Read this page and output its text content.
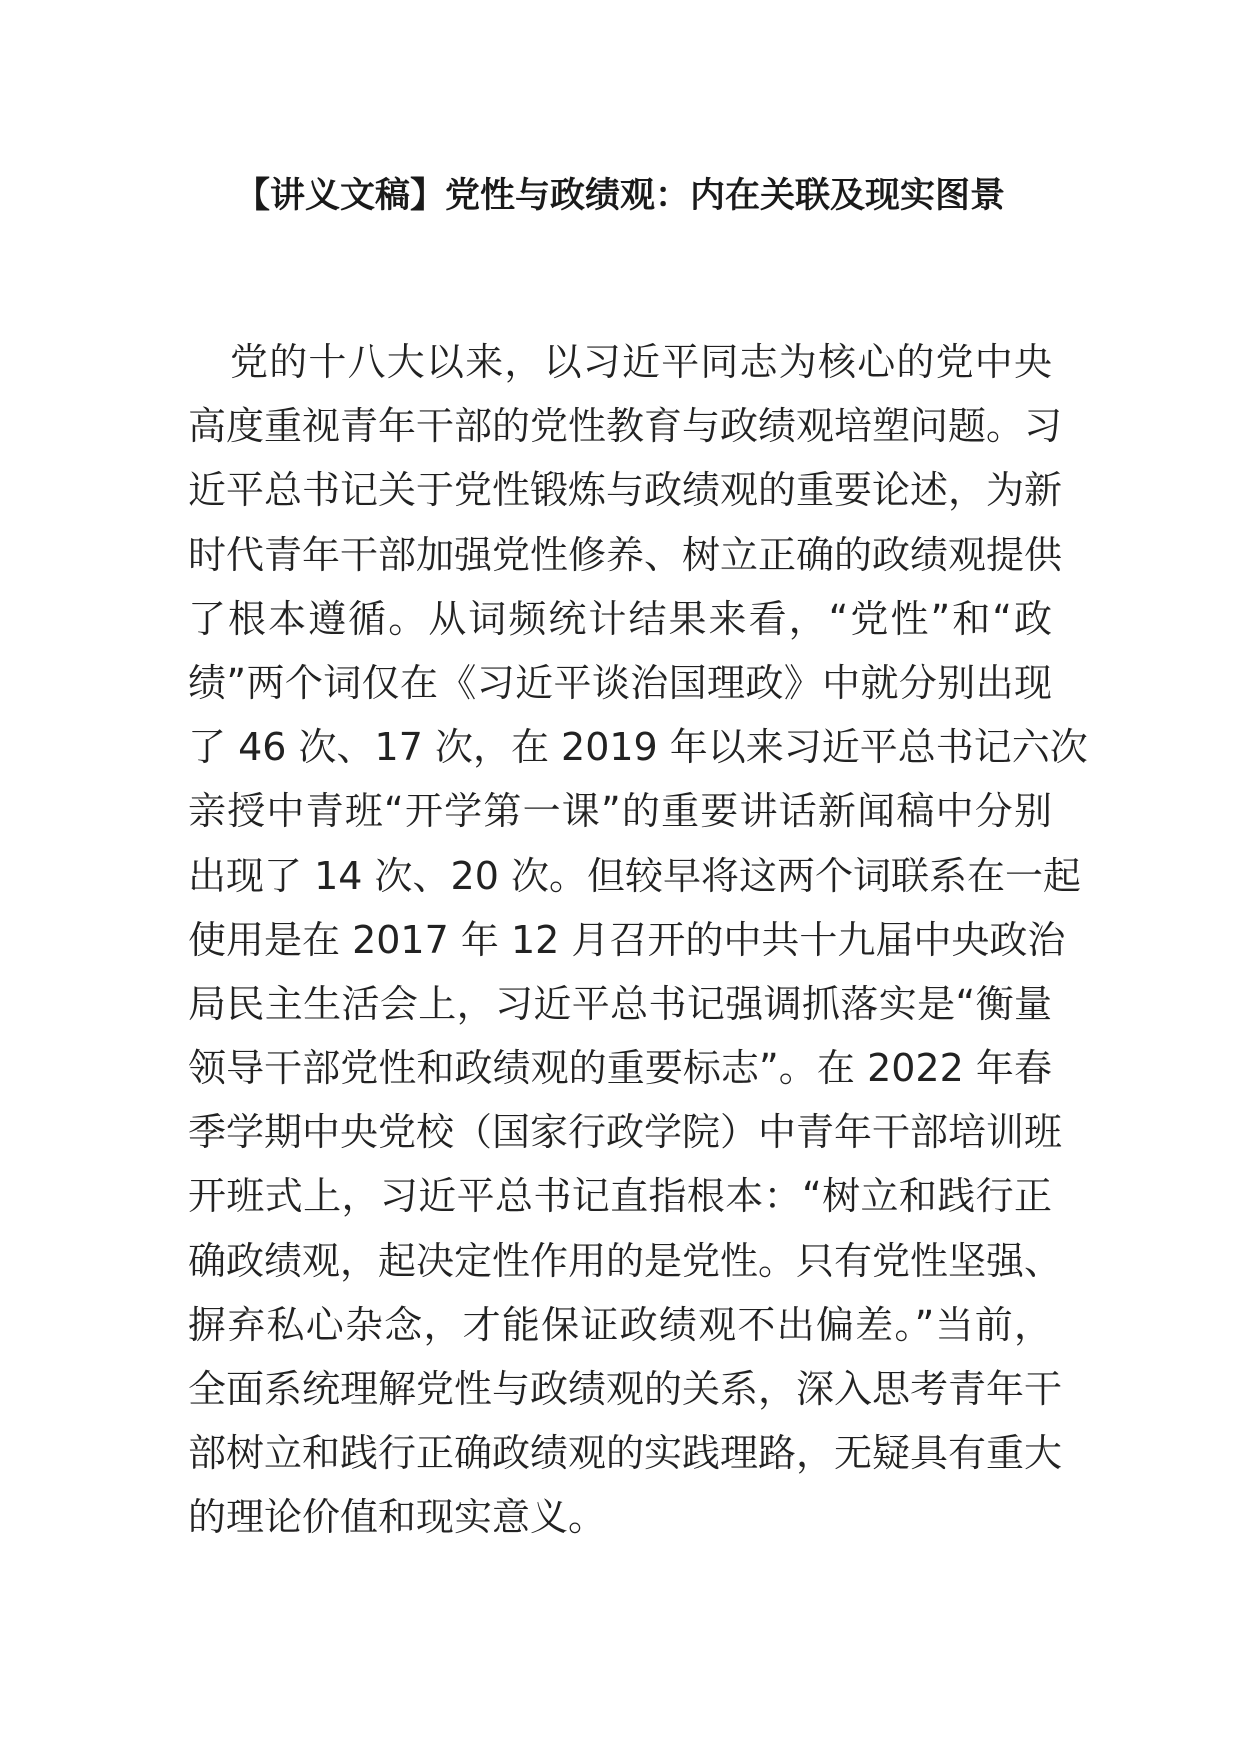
【讲义文稿】党性与政绩观：内在关联及现实图景
党的十八大以来，以习近平同志为核心的党中央
高度重视青年干部的党性教育与政绩观培塑问题。习
近平总书记关于党性锻炼与政绩观的重要论述，为新
时代青年干部加强党性修养、树立正确的政绩观提供
了根本遵循。从词频统计结果来看，“党性”和“政
绩”两个词仅在《习近平谈治国理政》中就分别出现
了 46 次、17 次，在 2019 年以来习近平总书记六次
亲授中青班“开学第一课”的重要讲话新闻稿中分别
出现了 14 次、20 次。但较早将这两个词联系在一起
使用是在 2017 年 12 月召开的中共十九届中央政治
局民主生活会上，习近平总书记强调抓落实是“衡量
领导干部党性和政绩观的重要标志”。在 2022 年春
季学期中央党校（国家行政学院）中青年干部培训班
开班式上，习近平总书记直指根本：“树立和践行正
确政绩观，起决定性作用的是党性。只有党性坚强、
摒弃私心杂念，才能保证政绩观不出偏差。”当前，
全面系统理解党性与政绩观的关系，深入思考青年干
部树立和践行正确政绩观的实践理路，无疑具有重大
的理论价值和现实意义。
